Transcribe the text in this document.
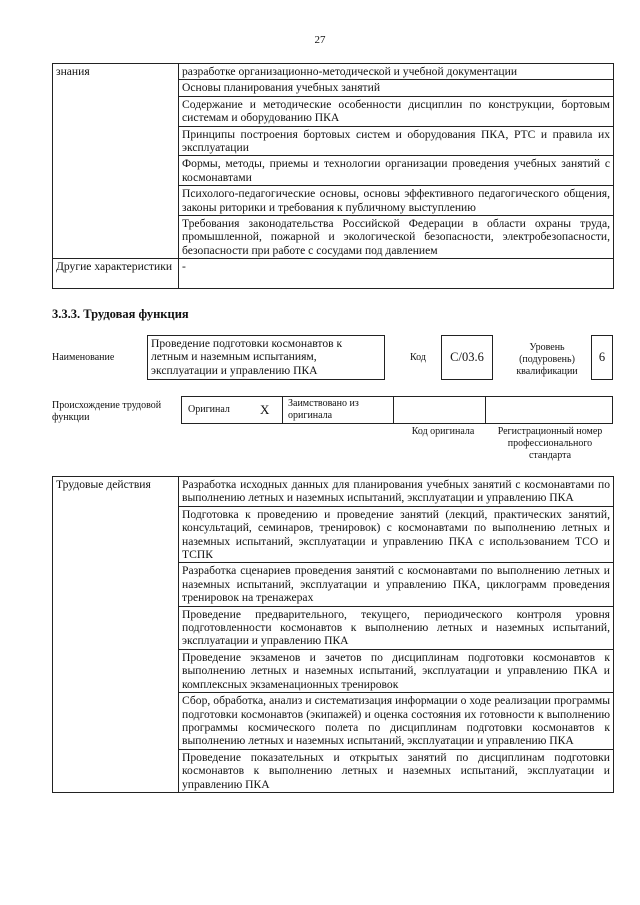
27
знания	разработке организационно-методической и учебной документации
	Основы планирования учебных занятий
	Содержание и методические особенности дисциплин по конструкции, бортовым системам и оборудованию ПКА
	Принципы построения бортовых систем и оборудования ПКА, РТС и правила их эксплуатации
	Формы, методы, приемы и технологии организации проведения учебных занятий с космонавтами
	Психолого-педагогические основы, основы эффективного педагогического общения, законы риторики и требования к публичному выступлению
	Требования законодательства Российской Федерации в области охраны труда, промышленной, пожарной и экологической безопасности, электробезопасности, безопасности при работе с сосудами под давлением
Другие характеристики	-
3.3.3. Трудовая функция
Наименование
Проведение подготовки космонавтов к летным и наземным испытаниям, эксплуатации и управлению ПКА
Код С/03.6
Уровень (подуровень) квалификации
6
Происхождение трудовой функции
Оригинал X Заимствовано из оригинала
Код оригинала	Регистрационный номер профессионального стандарта
Трудовые действия	Разработка исходных данных для планирования учебных занятий с космонавтами по выполнению летных и наземных испытаний, эксплуатации и управлению ПКА
Подготовка к проведению и проведение занятий (лекций, практических занятий, консультаций, семинаров, тренировок) с космонавтами по выполнению летных и наземных испытаний, эксплуатации и управлению ПКА с использованием ТСО и ТСПК
Разработка сценариев проведения занятий с космонавтами по выполнению летных и наземных испытаний, эксплуатации и управлению ПКА, циклограмм проведения тренировок на тренажерах
Проведение предварительного, текущего, периодического контроля уровня подготовленности космонавтов к выполнению летных и наземных испытаний, эксплуатации и управлению ПКА
Проведение экзаменов и зачетов по дисциплинам подготовки космонавтов к выполнению летных и наземных испытаний, эксплуатации и управлению ПКА и комплексных экзаменационных тренировок
Сбор, обработка, анализ и систематизация информации о ходе реализации программы подготовки космонавтов (экипажей) и оценка состояния их готовности к выполнению программы космического полета по дисциплинам подготовки космонавтов к выполнению летных и наземных испытаний, эксплуатации и управлению ПКА
Проведение показательных и открытых занятий по дисциплинам подготовки космонавтов к выполнению летных и наземных испытаний, эксплуатации и управлению ПКА
